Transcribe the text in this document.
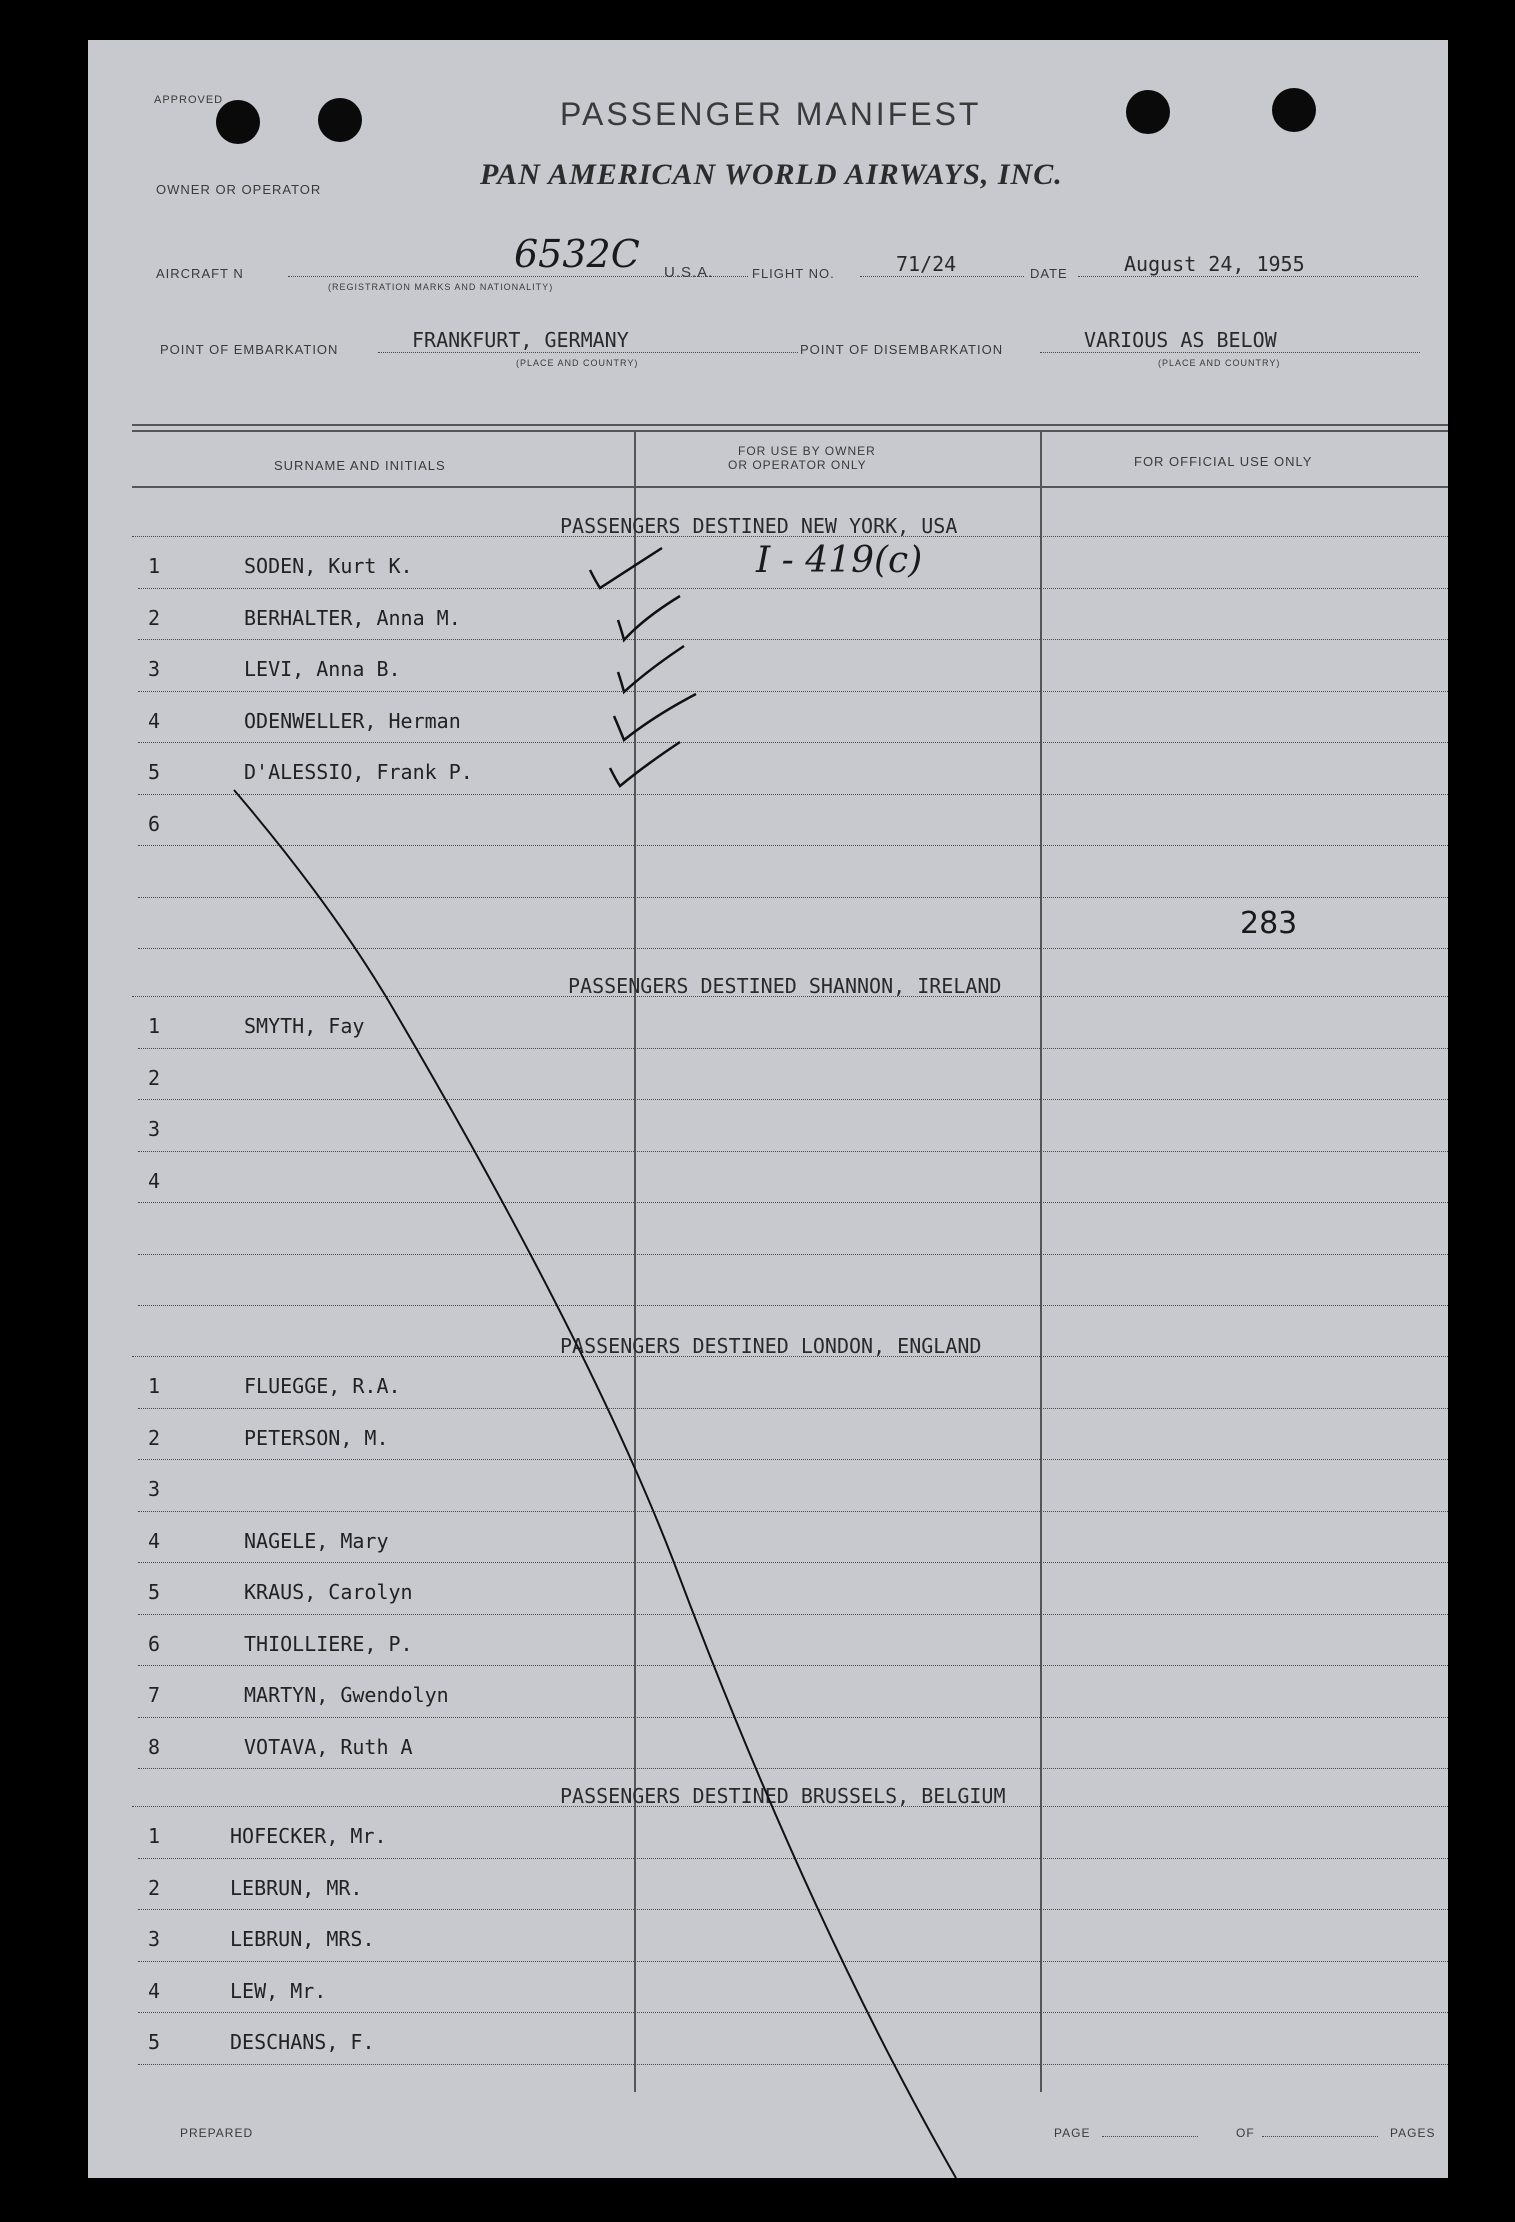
APPROVED	PASSENGER MANIFEST
OWNER OR OPERATOR	PAN AMERICAN WORLD AIRWAYS, INC.
AIRCRAFT N	6532C
(REGISTRATION MARKS AND NATIONALITY)
U.S.A.	FLIGHT NO.	71/24	DATE	August 24, 1955
POINT OF EMBARKATION	FRANKFURT, GERMANY
(PLACE AND COUNTRY)
POINT OF DISEMBARKATION	VARIOUS AS BELOW
(PLACE AND COUNTRY)
SURNAME AND INITIALS
FOR USE BY OWNER
OR OPERATOR ONLY	FOR OFFICIAL USE ONLY
PASSENGERS DESTINED NEW YORK, USA
1	SODEN, Kurt K.
2	BERHALTER, Anna M.
3	LEVI, Anna B.
4	ODENWELLER, Herman
5	D'ALESSIO, Frank P.
6
PASSENGERS DESTINED SHANNON, IRELAND
1	SMYTH, Fay
2
3
4
PASSENGERS DESTINED LONDON, ENGLAND
1	FLUEGGE, R.A.
2	PETERSON, M.
3
4	NAGELE, Mary
5	KRAUS, Carolyn
6	THIOLLIERE, P.
7	MARTYN, Gwendolyn
8	VOTAVA, Ruth A
PASSENGERS DESTINED BRUSSELS, BELGIUM
1	HOFECKER, Mr.
2	LEBRUN, MR.
3	LEBRUN, MRS.
4	LEW, Mr.
5	DESCHANS, F.
I - 419(c)
283
PREPARED	PAGE	OF	PAGES
